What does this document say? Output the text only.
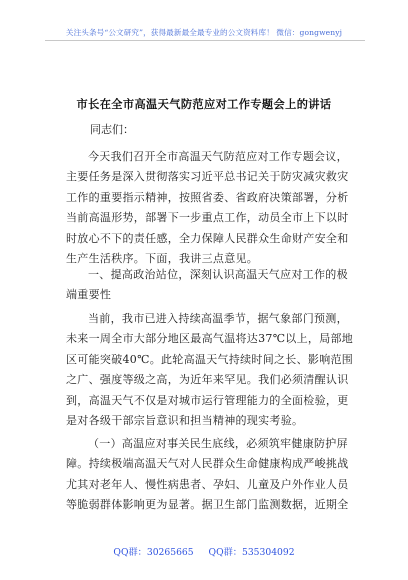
关注头条号“公文研究”，获得最新最全最专业的公文资料库！ 微信：gongwenyj
市长在全市高温天气防范应对工作专题会上的讲话
同志们：
今天我们召开全市高温天气防范应对工作专题会议，
主要任务是深入贯彻落实习近平总书记关于防灾减灾救灾
工作的重要指示精神，按照省委、省政府决策部署，分析
当前高温形势，部署下一步重点工作，动员全市上下以时
时放心不下的责任感，全力保障人民群众生命财产安全和
生产生活秩序。下面，我讲三点意见。
一、提高政治站位，深刻认识高温天气应对工作的极
端重要性
当前，我市已进入持续高温季节，据气象部门预测，
未来一周全市大部分地区最高气温将达37℃以上，局部地
区可能突破40℃。此轮高温天气持续时间之长、影响范围
之广、强度等级之高，为近年来罕见。我们必须清醒认识
到，高温天气不仅是对城市运行管理能力的全面检验，更
是对各级干部宗旨意识和担当精神的现实考验。
（一）高温应对事关民生底线，必须筑牢健康防护屏
障。持续极端高温天气对人民群众生命健康构成严峻挑战
尤其对老年人、慢性病患者、孕妇、儿童及户外作业人员
等脆弱群体影响更为显著。据卫生部门监测数据，近期全
QQ群：30265665 QQ群：535304092
